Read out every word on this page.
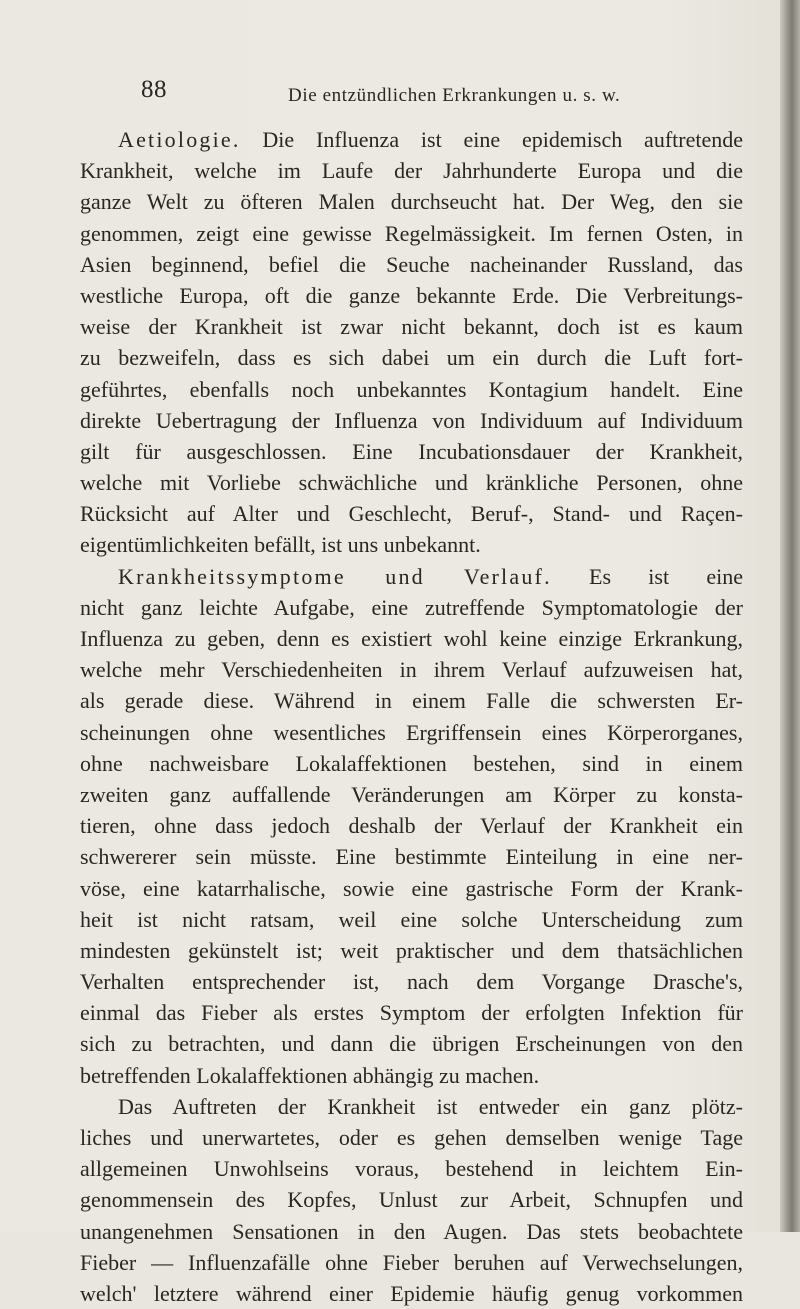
88	Die entzündlichen Erkrankungen u. s. w.
Aetiologie. Die Influenza ist eine epidemisch auftretende
Krankheit, welche im Laufe der Jahrhunderte Europa und die
ganze Welt zu öfteren Malen durchseucht hat. Der Weg, den sie
genommen, zeigt eine gewisse Regelmässigkeit. Im fernen Osten, in
Asien beginnend, befiel die Seuche nacheinander Russland, das
westliche Europa, oft die ganze bekannte Erde. Die Verbreitungs-
weise der Krankheit ist zwar nicht bekannt, doch ist es kaum
zu bezweifeln, dass es sich dabei um ein durch die Luft fort-
geführtes, ebenfalls noch unbekanntes Kontagium handelt. Eine
direkte Uebertragung der Influenza von Individuum auf Individuum
gilt für ausgeschlossen. Eine Incubationsdauer der Krankheit,
welche mit Vorliebe schwächliche und kränkliche Personen, ohne
Rücksicht auf Alter und Geschlecht, Beruf-, Stand- und Raçen-
eigentümlichkeiten befällt, ist uns unbekannt.
Krankheitssymptome und Verlauf. Es ist eine
nicht ganz leichte Aufgabe, eine zutreffende Symptomatologie der
Influenza zu geben, denn es existiert wohl keine einzige Erkrankung,
welche mehr Verschiedenheiten in ihrem Verlauf aufzuweisen hat,
als gerade diese. Während in einem Falle die schwersten Er-
scheinungen ohne wesentliches Ergriffensein eines Körperorganes,
ohne nachweisbare Lokalaffektionen bestehen, sind in einem
zweiten ganz auffallende Veränderungen am Körper zu konsta-
tieren, ohne dass jedoch deshalb der Verlauf der Krankheit ein
schwererer sein müsste. Eine bestimmte Einteilung in eine ner-
vöse, eine katarrhalische, sowie eine gastrische Form der Krank-
heit ist nicht ratsam, weil eine solche Unterscheidung zum
mindesten gekünstelt ist; weit praktischer und dem thatsächlichen
Verhalten entsprechender ist, nach dem Vorgange Drasche's,
einmal das Fieber als erstes Symptom der erfolgten Infektion für
sich zu betrachten, und dann die übrigen Erscheinungen von den
betreffenden Lokalaffektionen abhängig zu machen.
Das Auftreten der Krankheit ist entweder ein ganz plötz-
liches und unerwartetes, oder es gehen demselben wenige Tage
allgemeinen Unwohlseins voraus, bestehend in leichtem Ein-
genommensein des Kopfes, Unlust zur Arbeit, Schnupfen und
unangenehmen Sensationen in den Augen. Das stets beobachtete
Fieber — Influenzafälle ohne Fieber beruhen auf Verwechselungen,
welch' letztere während einer Epidemie häufig genug vorkommen
